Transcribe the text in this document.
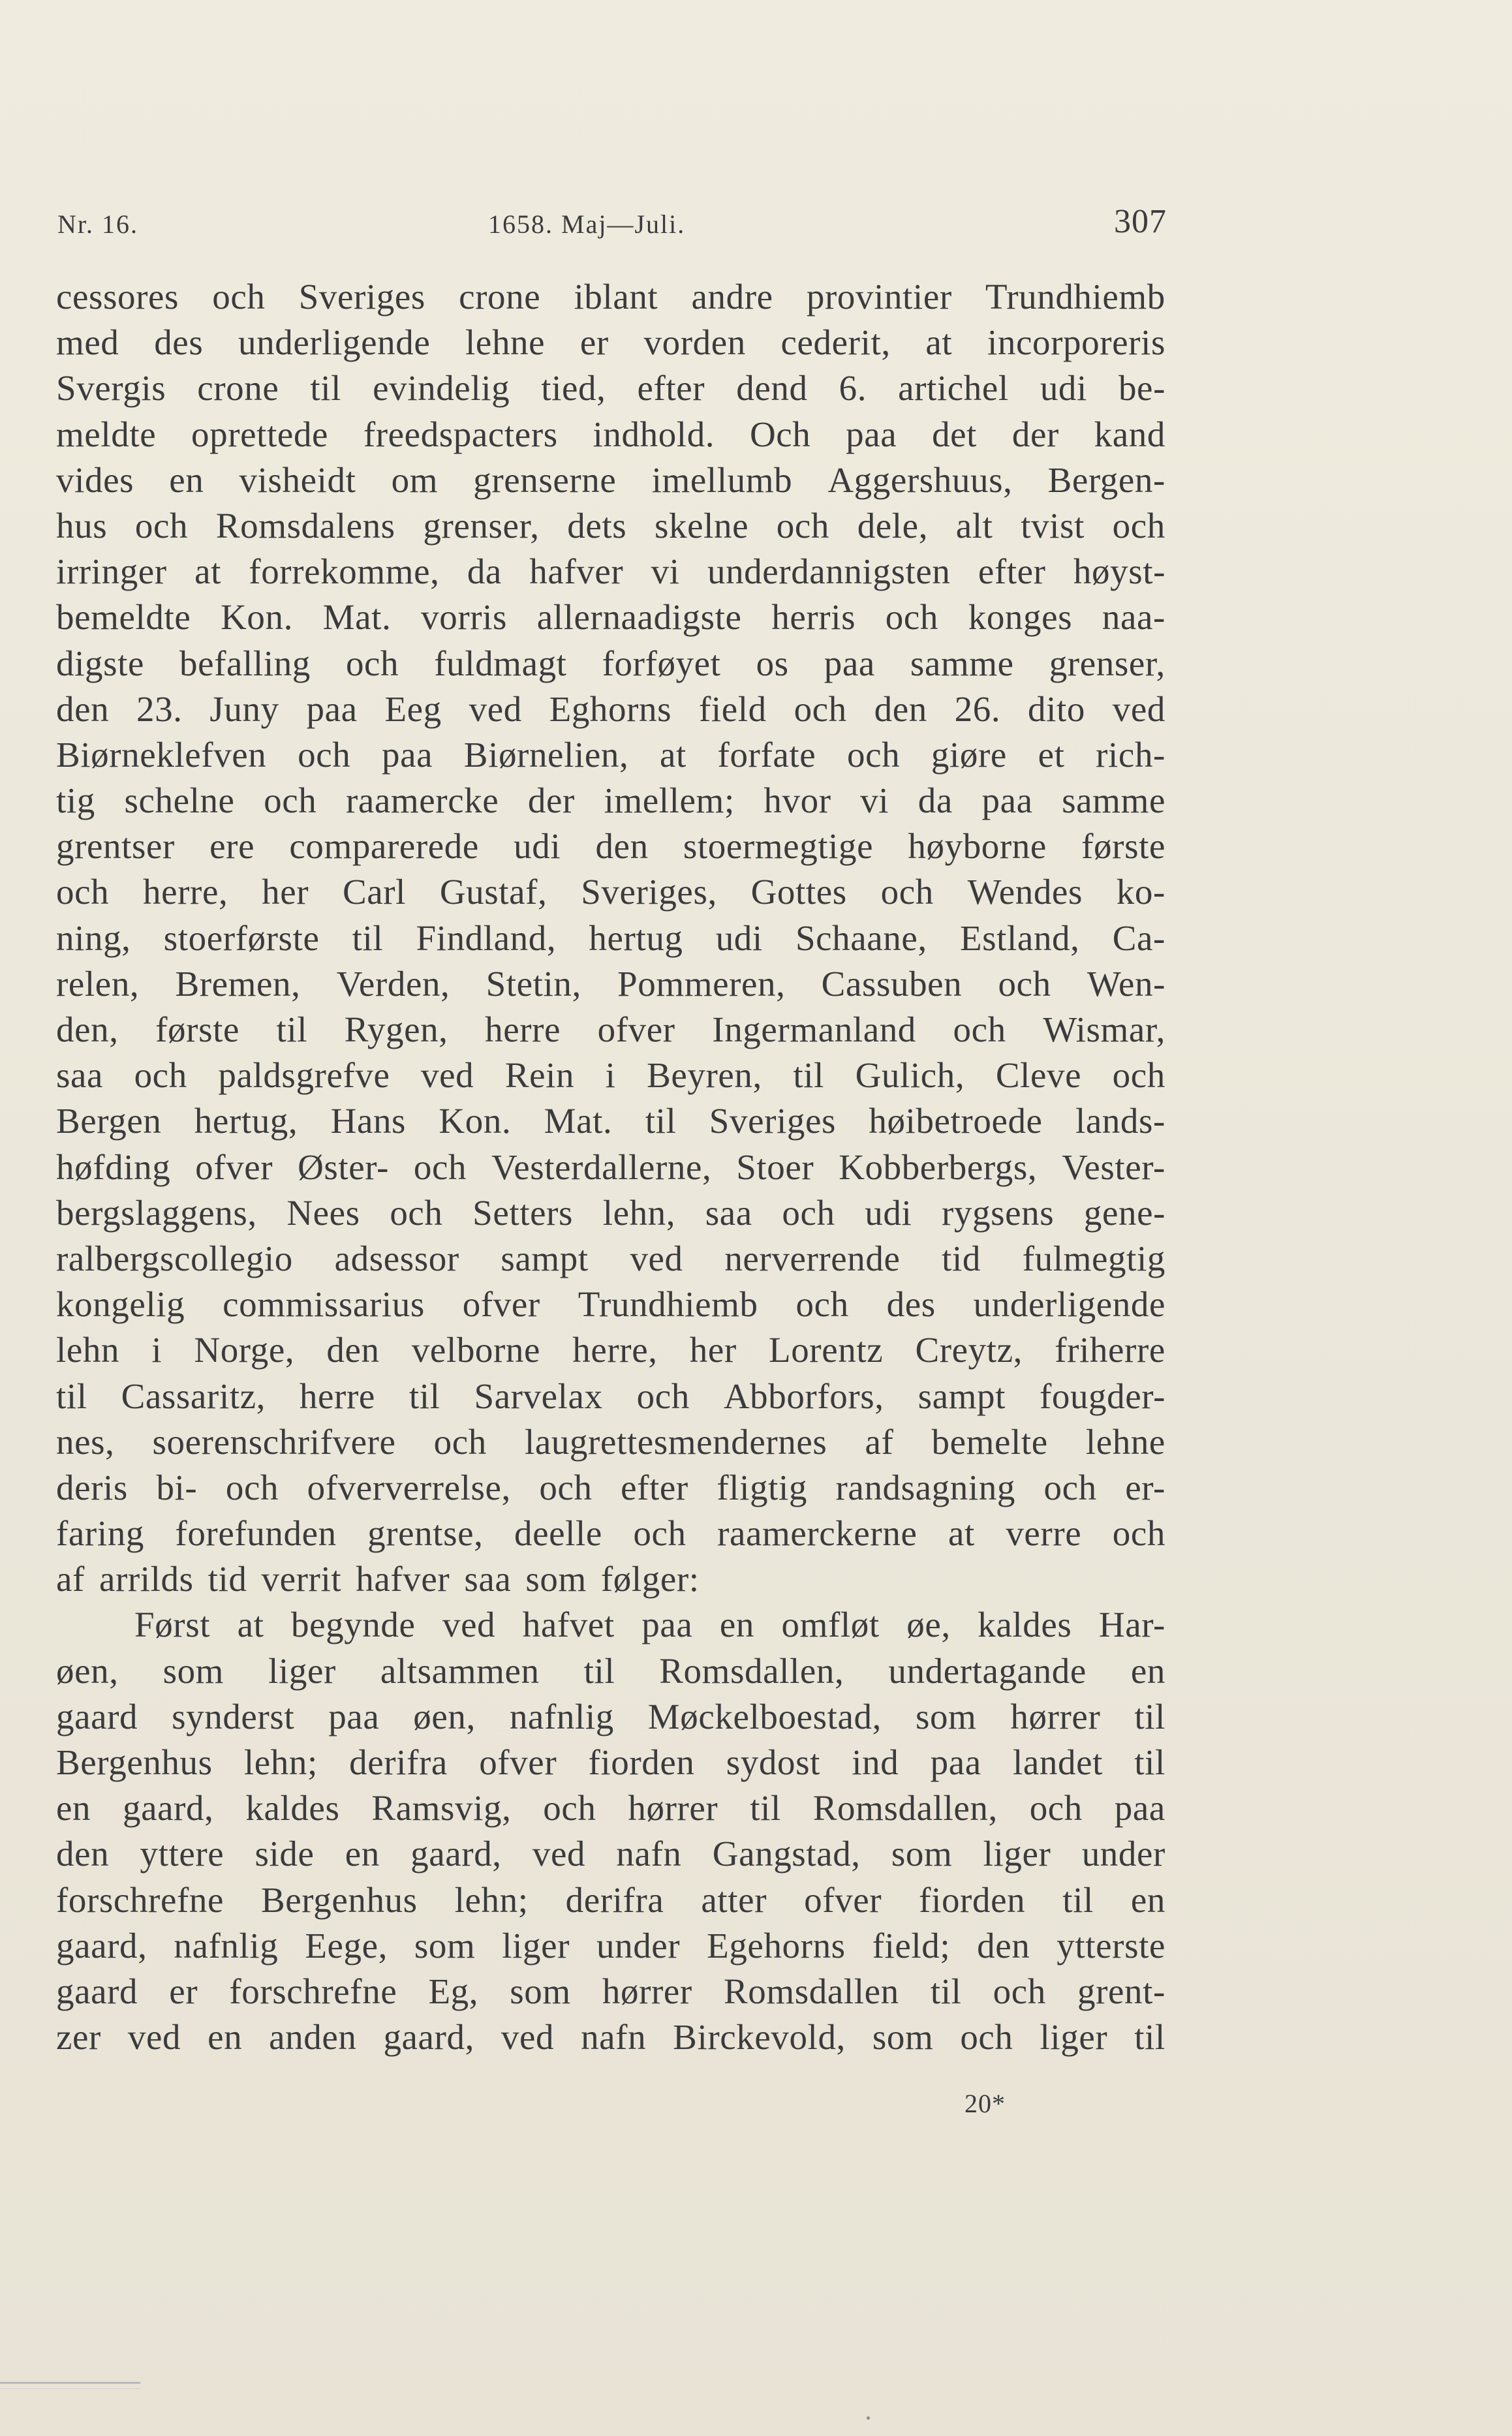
Nr. 16.	1658. Maj—Juli.	307
cessores och Sveriges crone iblant andre provintier Trundhiemb
med des underligende lehne er vorden cederit, at incorporeris
Svergis crone til evindelig tied, efter dend 6. artichel udi be-
meldte oprettede freedspacters indhold. Och paa det der kand
vides en visheidt om grenserne imellumb Aggershuus, Bergen-
hus och Romsdalens grenser, dets skelne och dele, alt tvist och
irringer at forrekomme, da hafver vi underdannigsten efter høyst-
bemeldte Kon. Mat. vorris allernaadigste herris och konges naa-
digste befalling och fuldmagt forføyet os paa samme grenser,
den 23. Juny paa Eeg ved Eghorns field och den 26. dito ved
Biørneklefven och paa Biørnelien, at forfate och giøre et rich-
tig schelne och raamercke der imellem; hvor vi da paa samme
grentser ere comparerede udi den stoermegtige høyborne første
och herre, her Carl Gustaf, Sveriges, Gottes och Wendes ko-
ning, stoerførste til Findland, hertug udi Schaane, Estland, Ca-
relen, Bremen, Verden, Stetin, Pommeren, Cassuben och Wen-
den, første til Rygen, herre ofver Ingermanland och Wismar,
saa och paldsgrefve ved Rein i Beyren, til Gulich, Cleve och
Bergen hertug, Hans Kon. Mat. til Sveriges høibetroede lands-
høfding ofver Øster- och Vesterdallerne, Stoer Kobberbergs, Vester-
bergslaggens, Nees och Setters lehn, saa och udi rygsens gene-
ralbergscollegio adsessor sampt ved nerverrende tid fulmegtig
kongelig commissarius ofver Trundhiemb och des underligende
lehn i Norge, den velborne herre, her Lorentz Creytz, friherre
til Cassaritz, herre til Sarvelax och Abborfors, sampt fougder-
nes, soerenschrifvere och laugrettesmendernes af bemelte lehne
deris bi- och ofververrelse, och efter fligtig randsagning och er-
faring forefunden grentse, deelle och raamerckerne at verre och
af arrilds tid verrit hafver saa som følger:
Først at begynde ved hafvet paa en omfløt øe, kaldes Har-
øen, som liger altsammen til Romsdallen, undertagande en
gaard synderst paa øen, nafnlig Møckelboestad, som hørrer til
Bergenhus lehn; derifra ofver fiorden sydost ind paa landet til
en gaard, kaldes Ramsvig, och hørrer til Romsdallen, och paa
den yttere side en gaard, ved nafn Gangstad, som liger under
forschrefne Bergenhus lehn; derifra atter ofver fiorden til en
gaard, nafnlig Eege, som liger under Egehorns field; den ytterste
gaard er forschrefne Eg, som hørrer Romsdallen til och grent-
zer ved en anden gaard, ved nafn Birckevold, som och liger til
20*
